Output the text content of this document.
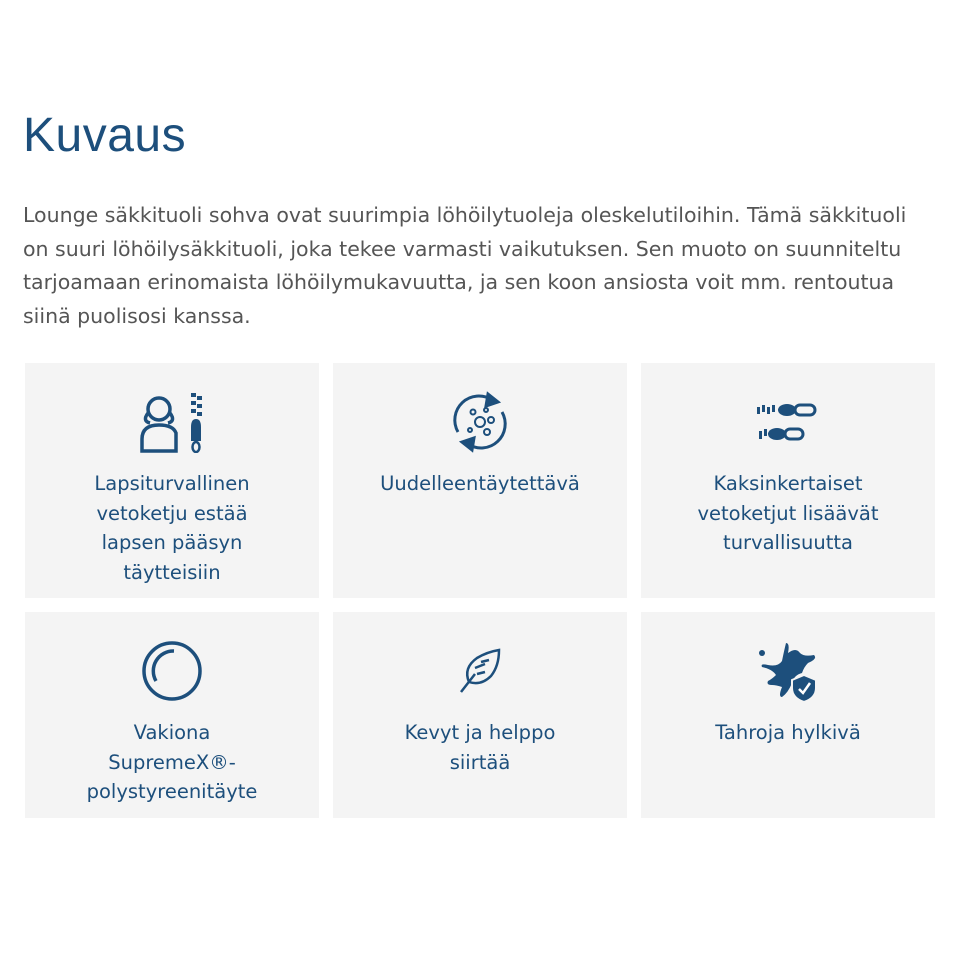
Kuvaus

Lounge säkkituoli sohva ovat suurimpia löhöilytuoleja oleskelutiloihin. Tämä säkkituoli on suuri löhöilysäkkituoli, joka tekee varmasti vaikutuksen. Sen muoto on suunniteltu tarjoamaan erinomaista löhöilymukavuutta, ja sen koon ansiosta voit mm. rentoutua siinä puolisosi kanssa.

Lapsiturvallinen vetoketju estää lapsen pääsyn täytteisiin
Uudelleentäytettävä	Kaksinkertaiset vetoketjut lisäävät turvallisuutta
Vakiona SupremeX®-polystyreenitäyte
Kevyt ja helppo siirtää
Tahroja hylkivä
